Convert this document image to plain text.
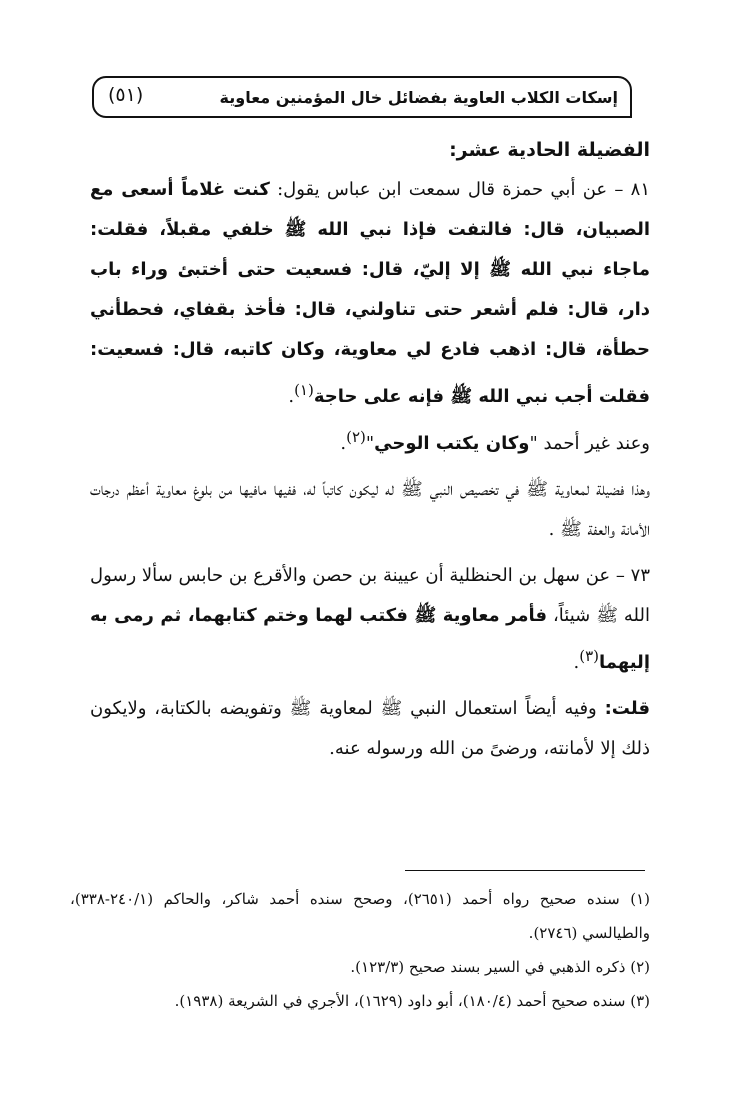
إسكات الكلاب العاوية بفضائل خال المؤمنين معاوية
(٥١)

الفضيلة الحادية عشر:

٨١ – عن أبي حمزة قال سمعت ابن عباس يقول: كنت غلاماً أسعى مع الصبيان، قال: فالتفت فإذا نبي الله ﷺ خلفي مقبلاً، فقلت: ماجاء نبي الله ﷺ إلا إليّ، قال: فسعيت حتى أختبئ وراء باب دار، قال: فلم أشعر حتى تناولني، قال: فأخذ بقفاي، فحطأني حطأة، قال: اذهب فادع لي معاوية، وكان كاتبه، قال: فسعيت: فقلت أجب نبي الله ﷺ فإنه على حاجة$^{(١)}$.

وعند غير أحمد "وكان يكتب الوحي"$^{(٢)}$.

وهذا فضيلة لمعاوية ﷺ في تخصيص النبي ﷺ له ليكون كاتباً له، ففيها مافيها من بلوغ معاوية أعظم درجات الأمانة والعفة ﷺ .

٧٣ – عن سهل بن الحنظلية أن عيينة بن حصن والأقرع بن حابس سألا رسول الله ﷺ شيئاً، فأمر معاوية ﷺ فكتب لهما وختم كتابهما، ثم رمى به إليهما$^{(٣)}$.

قلت: وفيه أيضاً استعمال النبي ﷺ لمعاوية ﷺ وتفويضه بالكتابة، ولايكون ذلك إلا لأمانته، ورضىً من الله ورسوله عنه.

(١) سنده صحيح رواه أحمد (٢٦٥١)، وصحح سنده أحمد شاكر، والحاكم (٢٤٠/١-٣٣٨)، والطيالسي (٢٧٤٦).

(٢) ذكره الذهبي في السير بسند صحيح (١٢٣/٣).

(٣) سنده صحيح أحمد (١٨٠/٤)، أبو داود (١٦٢٩)، الأجري في الشريعة (١٩٣٨).
